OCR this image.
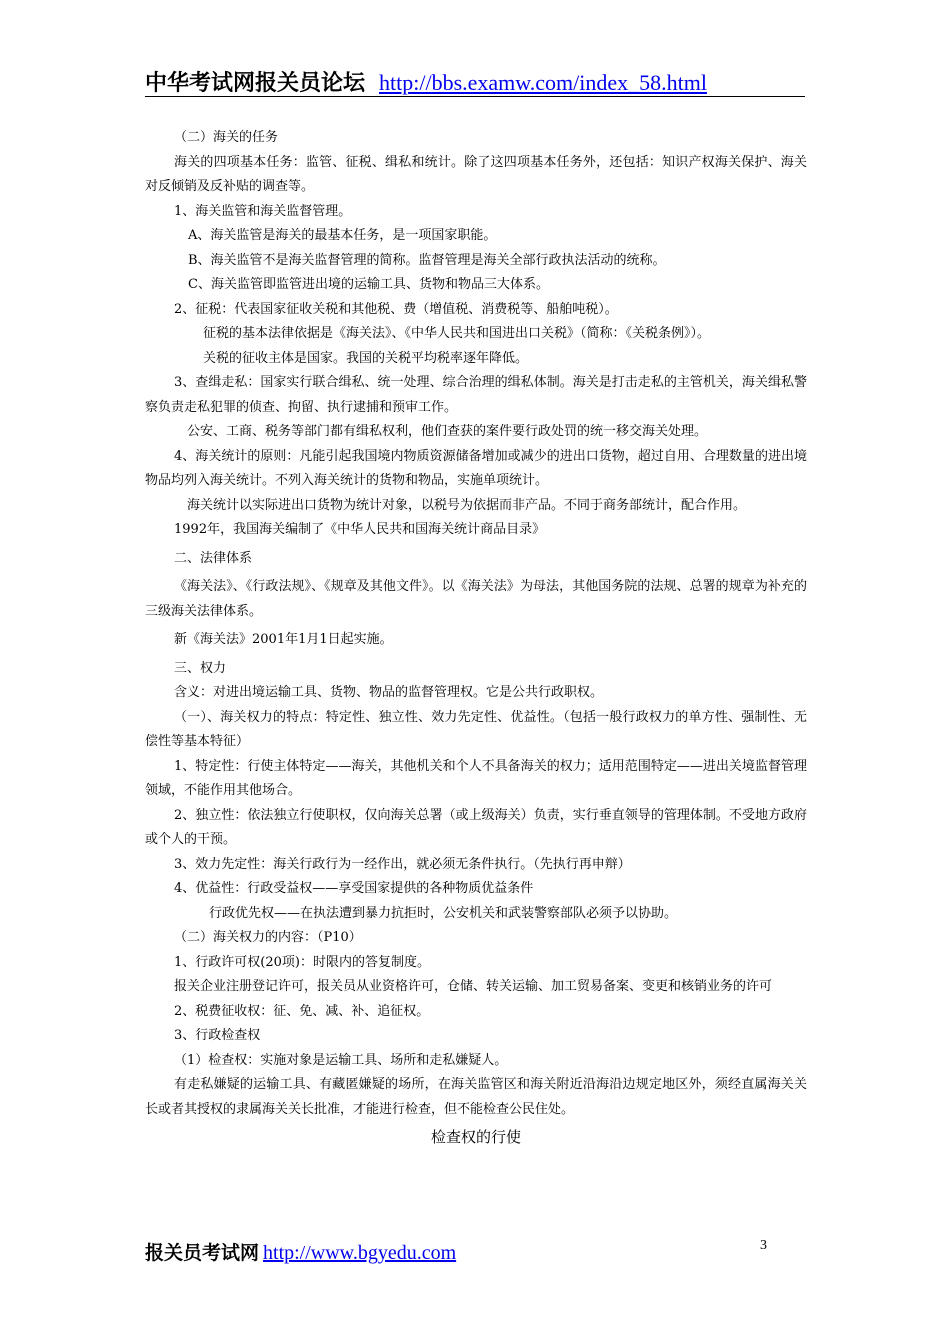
中华考试网报关员论坛 http://bbs.examw.com/index_58.html

（二）海关的任务

海关的四项基本任务：监管、征税、缉私和统计。除了这四项基本任务外，还包括：知识产权海关保护、海关对反倾销及反补贴的调查等。

1、海关监管和海关监督管理。

A、海关监管是海关的最基本任务，是一项国家职能。

B、海关监管不是海关监督管理的简称。监督管理是海关全部行政执法活动的统称。

C、海关监管即监管进出境的运输工具、货物和物品三大体系。

2、征税：代表国家征收关税和其他税、费（增值税、消费税等、船舶吨税）。

征税的基本法律依据是《海关法》、《中华人民共和国进出口关税》（简称：《关税条例》）。

关税的征收主体是国家。我国的关税平均税率逐年降低。

3、查缉走私：国家实行联合缉私、统一处理、综合治理的缉私体制。海关是打击走私的主管机关，海关缉私警察负责走私犯罪的侦查、拘留、执行逮捕和预审工作。

公安、工商、税务等部门都有缉私权利，他们查获的案件要行政处罚的统一移交海关处理。

4、海关统计的原则：凡能引起我国境内物质资源储备增加或减少的进出口货物，超过自用、合理数量的进出境物品均列入海关统计。不列入海关统计的货物和物品，实施单项统计。

海关统计以实际进出口货物为统计对象，以税号为依据而非产品。不同于商务部统计，配合作用。

1992年，我国海关编制了《中华人民共和国海关统计商品目录》

二、法律体系

《海关法》、《行政法规》、《规章及其他文件》。以《海关法》为母法，其他国务院的法规、总署的规章为补充的三级海关法律体系。

新《海关法》2001年1月1日起实施。

三、权力

含义：对进出境运输工具、货物、物品的监督管理权。它是公共行政职权。

（一）、海关权力的特点：特定性、独立性、效力先定性、优益性。（包括一般行政权力的单方性、强制性、无偿性等基本特征）

1、特定性：行使主体特定——海关，其他机关和个人不具备海关的权力；适用范围特定——进出关境监督管理领域，不能作用其他场合。

2、独立性：依法独立行使职权，仅向海关总署（或上级海关）负责，实行垂直领导的管理体制。不受地方政府或个人的干预。

3、效力先定性：海关行政行为一经作出，就必须无条件执行。（先执行再申辩）

4、优益性：行政受益权——享受国家提供的各种物质优益条件

行政优先权——在执法遭到暴力抗拒时，公安机关和武装警察部队必须予以协助。

（二）海关权力的内容：（P10）

1、行政许可权(20项)：时限内的答复制度。

报关企业注册登记许可，报关员从业资格许可，仓储、转关运输、加工贸易备案、变更和核销业务的许可

2、税费征收权：征、免、减、补、追征权。

3、行政检查权

（1）检查权：实施对象是运输工具、场所和走私嫌疑人。

有走私嫌疑的运输工具、有藏匿嫌疑的场所，在海关监管区和海关附近沿海沿边规定地区外，须经直属海关关长或者其授权的隶属海关关长批准，才能进行检查，但不能检查公民住处。

检查权的行使

报关员考试网 http://www.bgyedu.com	3
